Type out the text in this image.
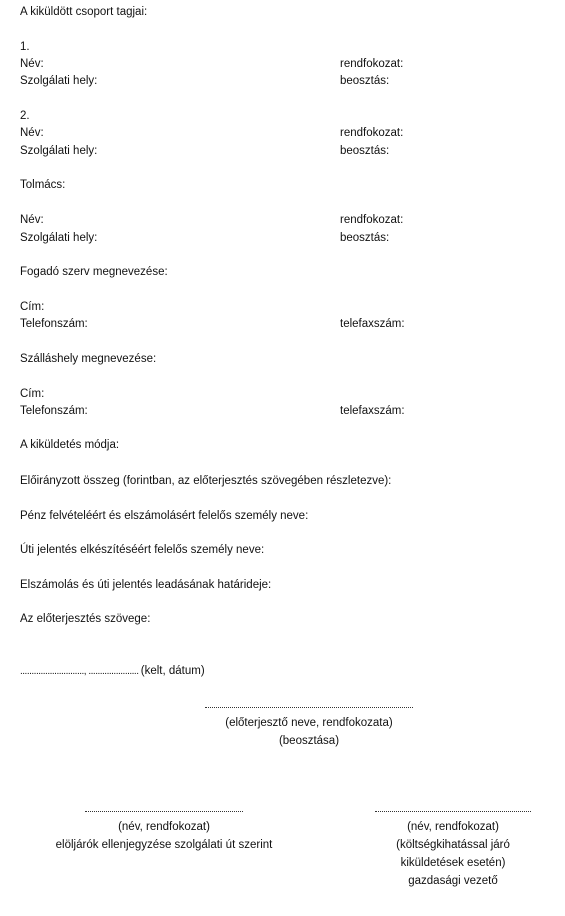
A kiküldött csoport tagjai:
1.
Név:	rendfokozat:
Szolgálati hely:	beosztás:
2.
Név:	rendfokozat:
Szolgálati hely:	beosztás:
Tolmács:
Név:	rendfokozat:
Szolgálati hely:	beosztás:
Fogadó szerv megnevezése:
Cím:
Telefonszám:	telefaxszám:
Szálláshely megnevezése:
Cím:
Telefonszám:	telefaxszám:
A kiküldetés módja:
Előirányzott összeg (forintban, az előterjesztés szövegében részletezve):
Pénz felvételéért és elszámolásért felelős személy neve:
Úti jelentés elkészítéséért felelős személy neve:
Elszámolás és úti jelentés leadásának határideje:
Az előterjesztés szövege:
............................, ...................... (kelt, dátum)
(előterjesztő neve, rendfokozata)
(beosztása)
(név, rendfokozat)
elöljárók ellenjegyzése szolgálati út szerint
(név, rendfokozat)
(költségkihatással járó
kiküldetések esetén)
gazdasági vezető
